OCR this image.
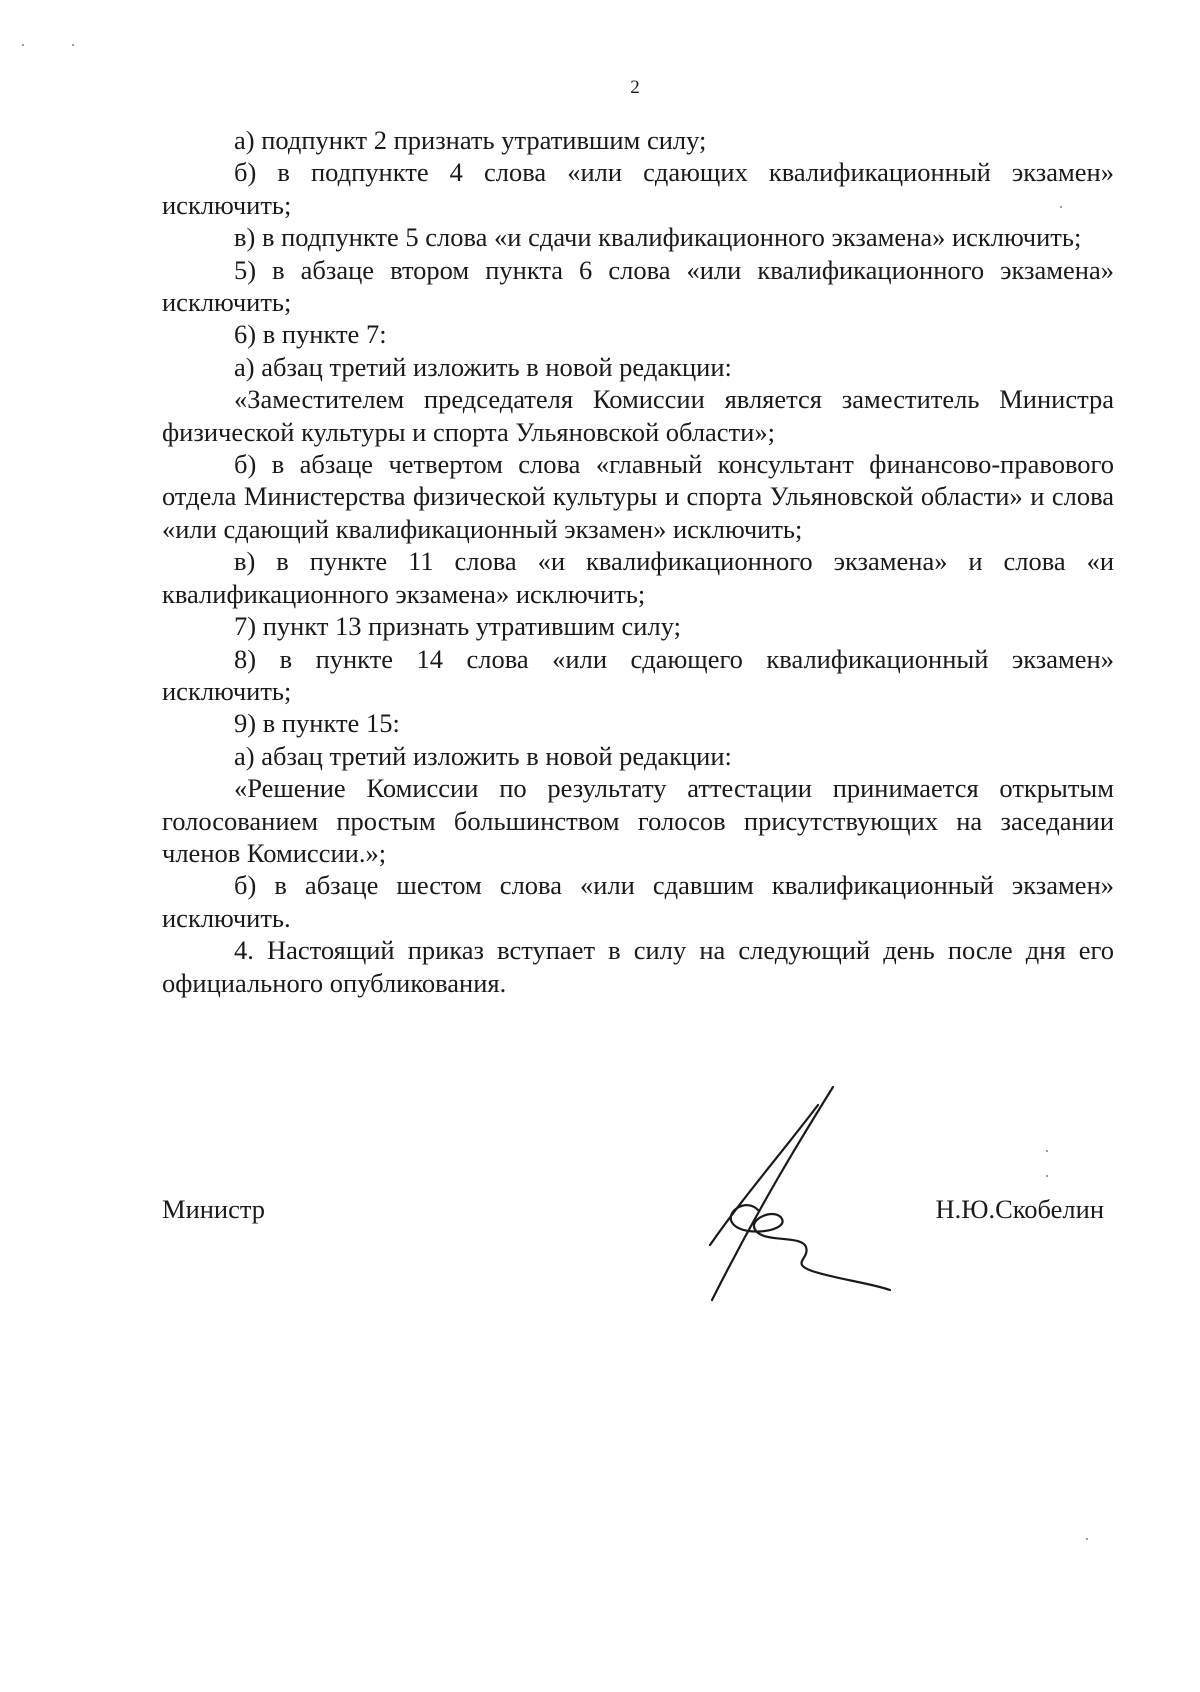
2

а) подпункт 2 признать утратившим силу;

б) в подпункте 4 слова «или сдающих квалификационный экзамен» исключить;

в) в подпункте 5 слова «и сдачи квалификационного экзамена» исключить;

5) в абзаце втором пункта 6 слова «или квалификационного экзамена» исключить;

6) в пункте 7:

а) абзац третий изложить в новой редакции:

«Заместителем председателя Комиссии является заместитель Министра физической культуры и спорта Ульяновской области»;

б) в абзаце четвертом слова «главный консультант финансово-правового отдела Министерства физической культуры и спорта Ульяновской области» и слова «или сдающий квалификационный экзамен» исключить;

в) в пункте 11 слова «и квалификационного экзамена» и слова «и квалификационного экзамена» исключить;

7) пункт 13 признать утратившим силу;

8) в пункте 14 слова «или сдающего квалификационный экзамен» исключить;

9) в пункте 15:

а) абзац третий изложить в новой редакции:

«Решение Комиссии по результату аттестации принимается открытым голосованием простым большинством голосов присутствующих на заседании членов Комиссии.»;

б) в абзаце шестом слова «или сдавшим квалификационный экзамен» исключить.

4. Настоящий приказ вступает в силу на следующий день после дня его официального опубликования.

Министр	Н.Ю.Скобелин
